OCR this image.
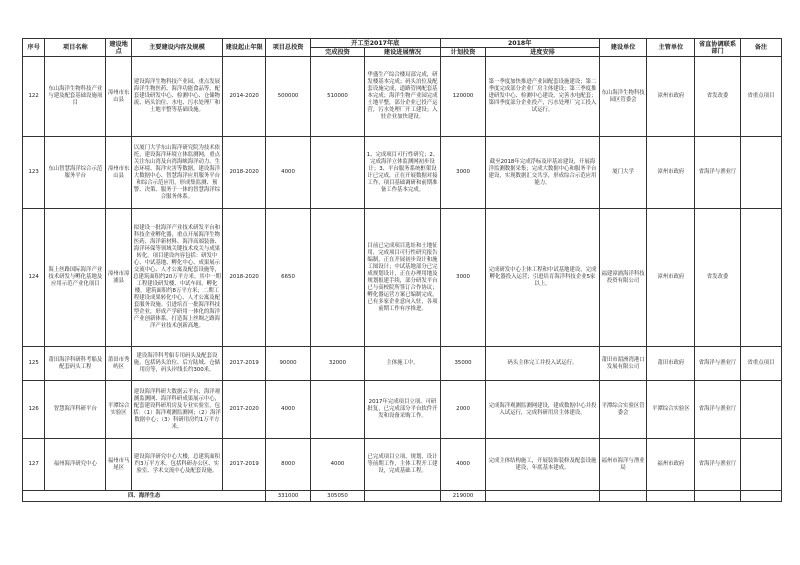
序号	项目名称	建设地点	主要建设内容及规模	建设起止年限	项目总投资	开工至2017年底		2018年		建设单位	主管单位	省直协调联系部门	备注
						完成投资	建设进展情况	计划投资	进度安排				
122	东山海洋生物科技产业与建及配套基础设施项目	漳州市东山县	建设海洋生物科技产业园，重点发展海洋生物医药、海洋功能食品等，配套建设研发中心、检测中心、仓储物流、码头泊位、水电、污水处理厂和土地平整等基础设施。	2014-2020	500000	510000	华盛生产综合楼局部完成，研发楼基本完成；码头泊位及配套设施完成，道路管网配套基本完成；海洋生物产业园完成土地平整，部分企业已投产运营，污水处理厂开工建设；入驻企业加快建设。	120000	第一季度加快推进产业园配套设施建设；第二季度完成部分企业厂房主体建设；第三季度推进研发中心、检测中心建设，完善水电配套；第四季度部分企业投产，污水处理厂完工投入试运行。	东山海洋生物科技园区管委会	漳州市政府	省发改委	省重点项目
123	东山智慧海洋综合示范服务平台	漳州市东山县	以厦门大学东山海洋研究院为技术依托，建设海洋环境立体监测网，重点关注东山湾及台湾海峡海洋动力、生态环境、海洋灾害等数据，建设海洋大数据中心、智慧海洋应用服务平台和综合示范应用，形成集监测、预警、决策、服务于一体的智慧海洋综合服务体系。	2018-2020	4000		1、完成项目可行性研究；2、完成海洋立体监测网初步设计；3、平台服务系统框架设计已完成，正在开展数据对接工作，项目基础调研和前期准备工作基本完成。	3000	截至2018年完成浮标及岸基站建设，开展海洋监测数据采集；完成大数据中心和服务平台建设，实现数据汇交共享，形成综合示范应用能力。	厦门大学	漳州市政府	省海洋与渔业厅	
124	海上丝路国际海洋产业技术研发与孵化基地及应用示范产业化项目	漳州市漳浦县	拟建设一批海洋产业技术研发平台和科技企业孵化器，重点开展海洋生物医药、海洋新材料、海洋高端装备、海洋环保等领域关键技术攻关与成果转化。项目建设内容包括：研发中心、中试基地、孵化中心、成果展示交流中心、人才公寓及配套设施等，总建筑面积约20万平方米。其中一期工程建设研发楼、中试车间、孵化楼，建筑面积约8万平方米；二期工程建设成果转化中心、人才公寓及配套服务设施。引进培育一批海洋科技型企业，形成产学研用一体化的海洋产业创新体系，打造海上丝绸之路海洋产业技术创新高地。	2018-2020	6650		目前已完成项目选址和土地征用，完成项目可行性研究报告编制，正在开展初步设计和施工图设计；中试基地部分已完成规划设计，正在办理用地及规划报建手续，部分研发平台已与高校院所签订合作协议；孵化器运营方案已编制完成，已有多家企业意向入驻，各项前期工作有序推进。	3000	完成研发中心主体工程和中试基地建设，完成孵化器投入运营；引进培育海洋科技企业5家以上。	福建漳浦海洋科技投资有限公司	漳州市政府	省发改委	
125	莆田海洋科研科考船及配套码头工程	莆田市秀屿区	建设海洋科考船专用码头及配套设施，包括码头泊位、后方陆域、仓储用房等，码头岸线长约300米。	2017-2019	90000	32000	主体施工中。	35000	码头主体完工并投入试运行。	莆田市湄洲湾港口发展有限公司	莆田市政府	省海洋与渔业厅	省重点项目
126	智慧海洋科研平台	平潭综合实验区	建设海洋科研大数据云平台、海洋观测监测网、海洋科研成果展示中心，配套建设科研用房及专业实验室，包括：（1）海洋观测监测网；（2）海洋数据中心；（3）科研用房约1万平方米。	2017-2020	4000		2017年完成项目立项、可研批复，已完成部分平台软件开发和设备采购工作。	2000	完成海洋观测监测网建设，建成数据中心并投入试运行，完成科研用房主体建设。	平潭综合实验区管委会	平潭综合实验区	省海洋与渔业厅	
127	福州海洋研究中心	福州市马尾区	建设海洋研究中心大楼，总建筑面积约3万平方米，包括科研办公区、实验室、学术交流中心及配套设施。	2017-2019	8000	4000	已完成项目立项、规划、设计等前期工作，主体工程开工建设，完成基础工程。	4000	完成主体结构施工，开展装饰装修及配套设施建设，年底基本建成。	福州市海洋与渔业局	福州市政府	省海洋与渔业厅	
四、海洋生态					331000	305050		219000					
